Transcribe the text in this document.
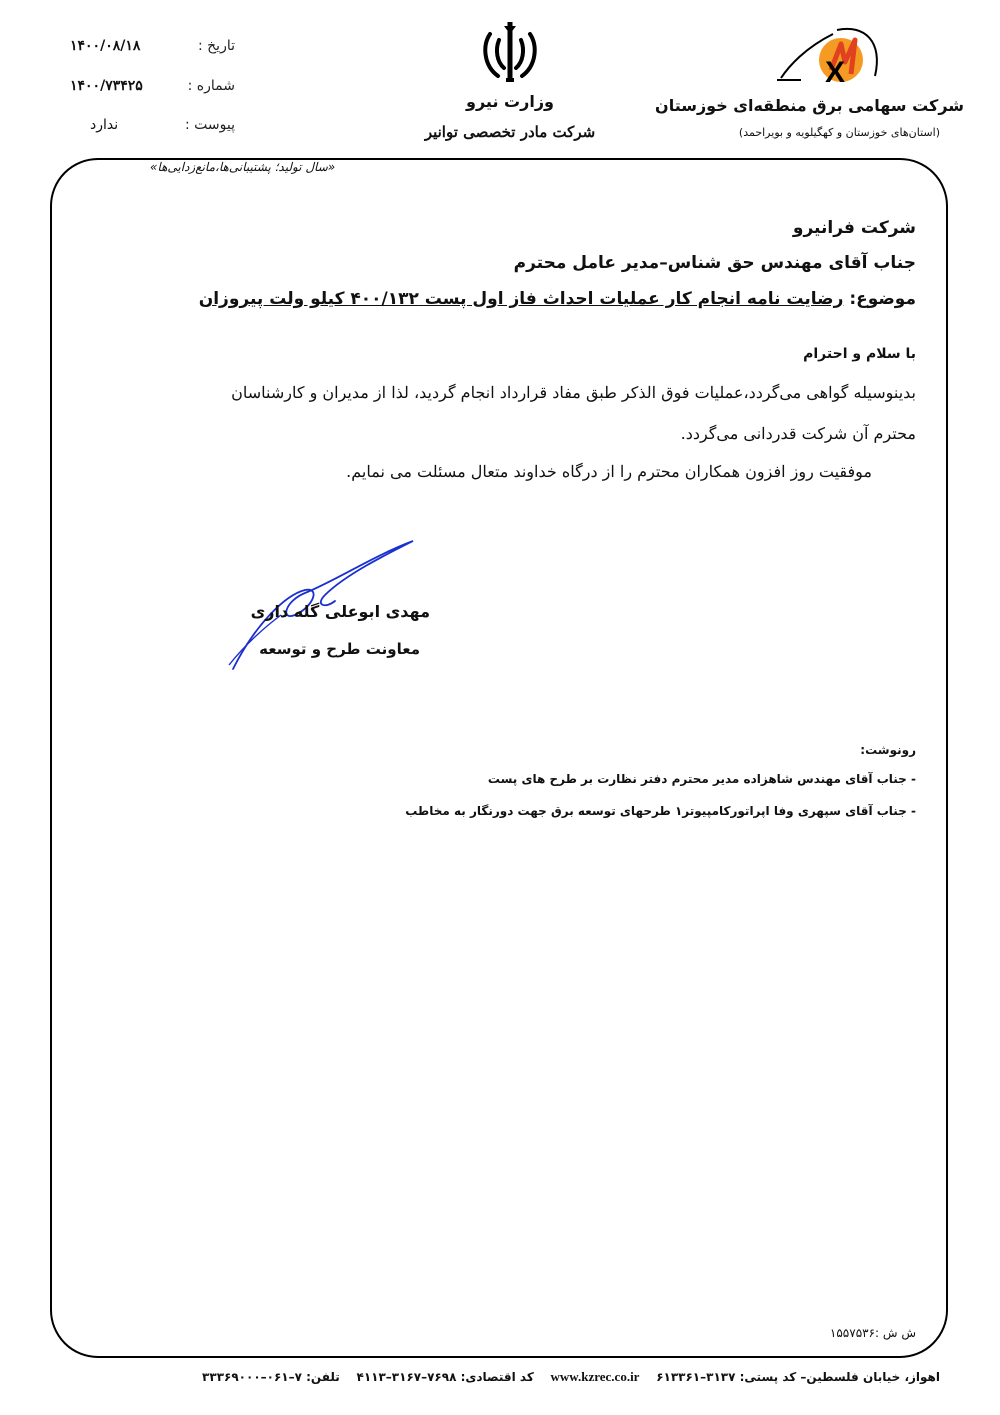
تاریخ :
۱۴۰۰/۰۸/۱۸
شماره :
۱۴۰۰/۷۳۴۲۵
پیوست :
ندارد
وزارت نیرو
شرکت مادر تخصصی توانیر
X
شرکت سهامی برق منطقه‌ای خوزستان
(استان‌های خوزستان و کهگیلویه و بویراحمد)
«سال تولید؛ پشتیبانی‌ها،مانع‌زدایی‌ها»
شرکت فرانیرو
جناب آقای مهندس حق شناس–مدیر عامل محترم
موضوع: رضایت نامه انجام کار عملیات احداث فاز اول پست ۴۰۰/۱۳۲ کیلو ولت پیروزان
با سلام و احترام
بدینوسیله گواهی می‌گردد،عملیات فوق الذکر طبق مفاد قرارداد انجام گردید، لذا از مدیران و کارشناسان
محترم آن شرکت قدردانی می‌گردد.
موفقیت روز افزون همکاران محترم را از درگاه خداوند متعال مسئلت می نمایم.
مهدی ابوعلی گله داری
معاونت طرح و توسعه
رونوشت:
- جناب آقای مهندس شاهزاده مدیر محترم دفتر نظارت بر طرح های پست
- جناب آقای سپهری وفا اپراتورکامپیوتر۱ طرحهای توسعه برق جهت دورنگار به مخاطب
ش ش :۱۵۵۷۵۳۶
اهواز، خیابان فلسطین– کد پستی: ۳۱۳۷–۶۱۳۳۶۱    www.kzrec.co.ir    کد اقتصادی: ۷۶۹۸–۳۱۶۷–۴۱۱۳    تلفن: ۷–۰۶۱–۳۳۳۶۹۰۰۰
